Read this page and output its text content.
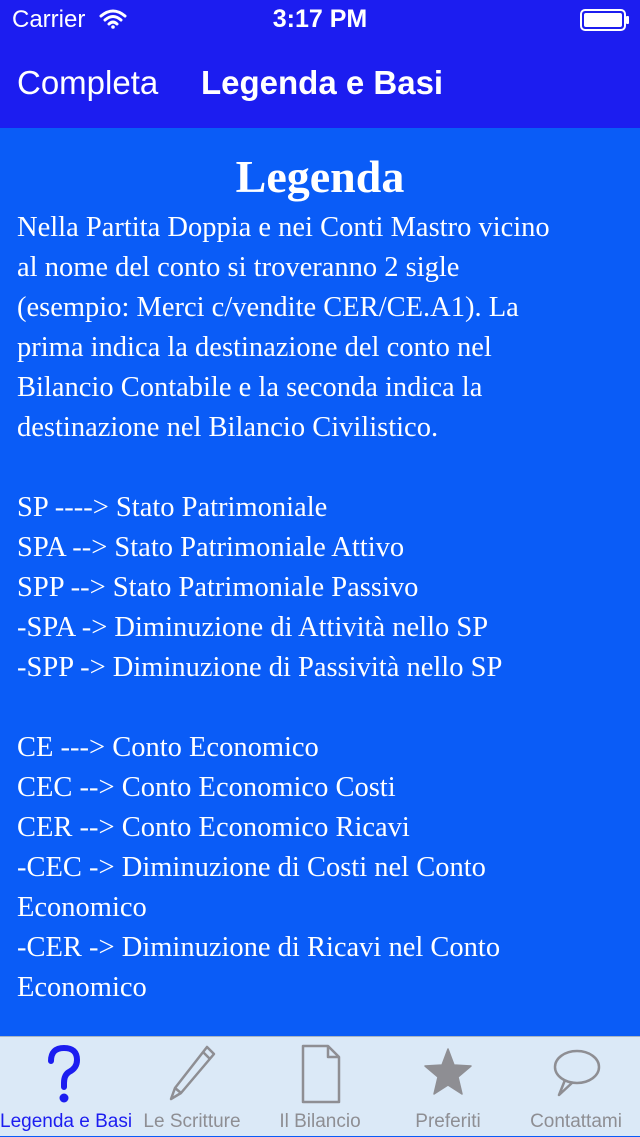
Carrier	3:17 PM
Completa Legenda e Basi
Legenda
Nella Partita Doppia e nei Conti Mastro vicino
al nome del conto si troveranno 2 sigle
(esempio: Merci c/vendite CER/CE.A1). La
prima indica la destinazione del conto nel
Bilancio Contabile e la seconda indica la
destinazione nel Bilancio Civilistico.
SP ----> Stato Patrimoniale
SPA --> Stato Patrimoniale Attivo
SPP --> Stato Patrimoniale Passivo
-SPA -> Diminuzione di Attività nello SP
-SPP -> Diminuzione di Passività nello SP
CE ---> Conto Economico
CEC --> Conto Economico Costi
CER --> Conto Economico Ricavi
-CEC -> Diminuzione di Costi nel Conto
Economico
-CER -> Diminuzione di Ricavi nel Conto
Economico
Legenda e Basi Le Scritture	Il Bilancio	Preferiti	Contattami
